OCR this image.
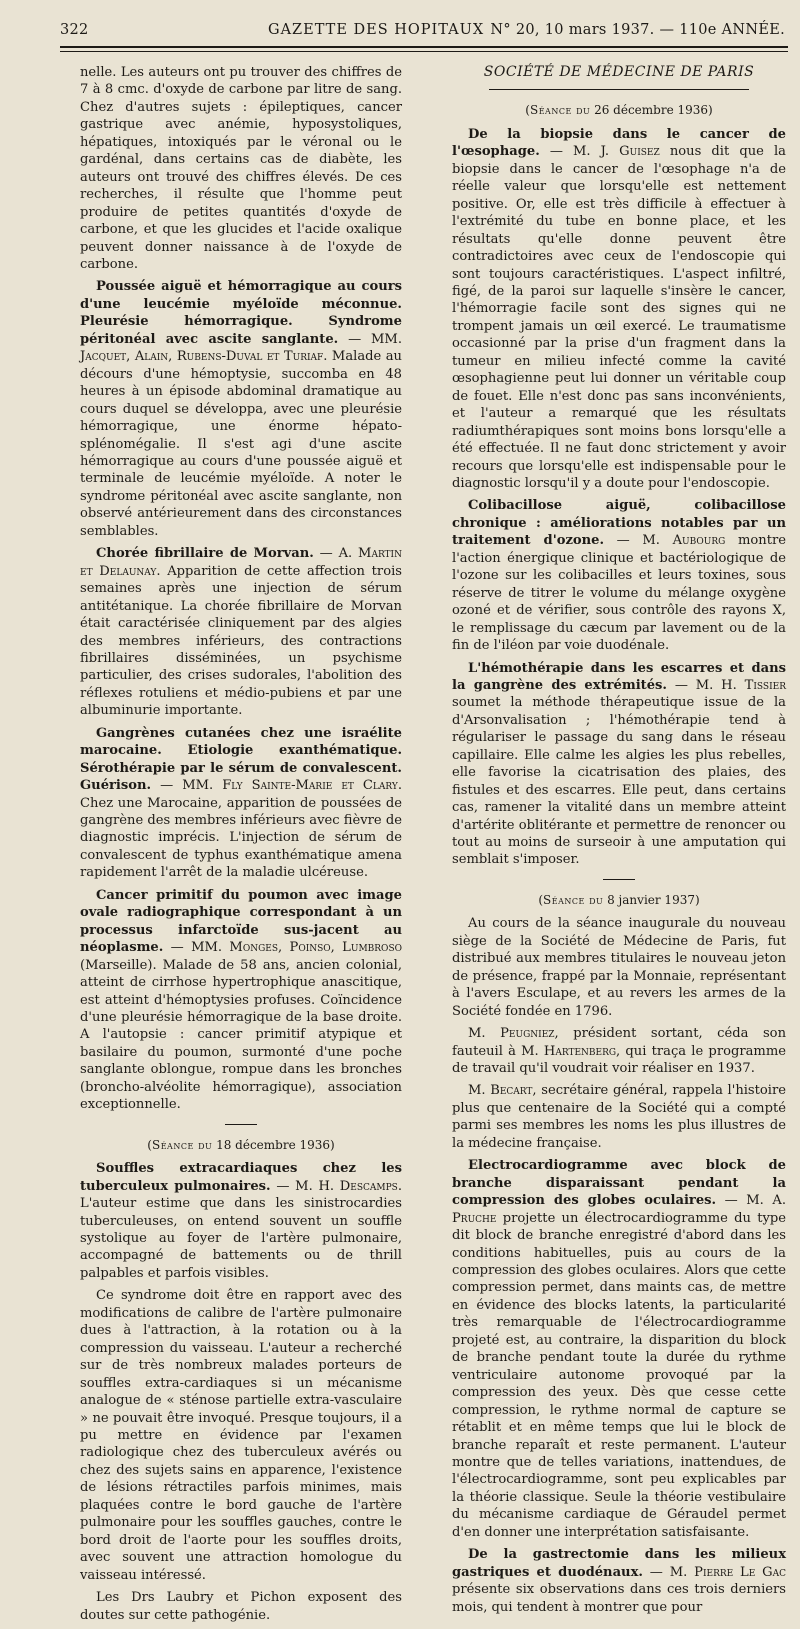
322	GAZETTE DES HOPITAUX N° 20, 10 mars 1937. — 110e ANNÉE.

nelle. Les auteurs ont pu trouver des chiffres de 7 à 8 cmc. d'oxyde de carbone par litre de sang. Chez d'autres sujets : épileptiques, cancer gastrique avec anémie, hyposystoliques, hépatiques, intoxiqués par le véronal ou le gardénal, dans certains cas de diabète, les auteurs ont trouvé des chiffres élevés. De ces recherches, il résulte que l'homme peut produire de petites quantités d'oxyde de carbone, et que les glucides et l'acide oxalique peuvent donner naissance à de l'oxyde de carbone.

Poussée aiguë et hémorragique au cours d'une leucémie myéloïde méconnue. Pleurésie hémorragique. Syndrome péritonéal avec ascite sanglante. — MM. Jacquet, Alain, Rubens-Duval et Turiaf. Malade au décours d'une hémoptysie, succomba en 48 heures à un épisode abdominal dramatique au cours duquel se développa, avec une pleurésie hémorragique, une énorme hépato-splénomégalie. Il s'est agi d'une ascite hémorragique au cours d'une poussée aiguë et terminale de leucémie myéloïde. A noter le syndrome péritonéal avec ascite sanglante, non observé antérieurement dans des circonstances semblables.

Chorée fibrillaire de Morvan. — A. Martin et Delaunay. Apparition de cette affection trois semaines après une injection de sérum antitétanique. La chorée fibrillaire de Morvan était caractérisée cliniquement par des algies des membres inférieurs, des contractions fibrillaires disséminées, un psychisme particulier, des crises sudorales, l'abolition des réflexes rotuliens et médio-pubiens et par une albuminurie importante.

Gangrènes cutanées chez une israélite marocaine. Etiologie exanthématique. Sérothérapie par le sérum de convalescent. Guérison. — MM. Fly Sainte-Marie et Clary. Chez une Marocaine, apparition de poussées de gangrène des membres inférieurs avec fièvre de diagnostic imprécis. L'injection de sérum de convalescent de typhus exanthématique amena rapidement l'arrêt de la maladie ulcéreuse.

Cancer primitif du poumon avec image ovale radiographique correspondant à un processus infarctoïde sus-jacent au néoplasme. — MM. Monges, Poinso, Lumbroso (Marseille). Malade de 58 ans, ancien colonial, atteint de cirrhose hypertrophique anascitique, est atteint d'hémoptysies profuses. Coïncidence d'une pleurésie hémorragique de la base droite. A l'autopsie : cancer primitif atypique et basilaire du poumon, surmonté d'une poche sanglante oblongue, rompue dans les bronches (broncho-alvéolite hémorragique), association exceptionnelle.

(Séance du 18 décembre 1936)

Souffles extracardiaques chez les tuberculeux pulmonaires. — M. H. Descamps. L'auteur estime que dans les sinistrocardies tuberculeuses, on entend souvent un souffle systolique au foyer de l'artère pulmonaire, accompagné de battements ou de thrill palpables et parfois visibles.

Ce syndrome doit être en rapport avec des modifications de calibre de l'artère pulmonaire dues à l'attraction, à la rotation ou à la compression du vaisseau. L'auteur a recherché sur de très nombreux malades porteurs de souffles extra-cardiaques si un mécanisme analogue de « sténose partielle extra-vasculaire » ne pouvait être invoqué. Presque toujours, il a pu mettre en évidence par l'examen radiologique chez des tuberculeux avérés ou chez des sujets sains en apparence, l'existence de lésions rétractiles parfois minimes, mais plaquées contre le bord gauche de l'artère pulmonaire pour les souffles gauches, contre le bord droit de l'aorte pour les souffles droits, avec souvent une attraction homologue du vaisseau intéressé.

Les Drs Laubry et Pichon exposent des doutes sur cette pathogénie.

SOCIÉTÉ DE MÉDECINE DE PARIS
(Séance du 26 décembre 1936)

De la biopsie dans le cancer de l'œsophage. — M. J. Guisez nous dit que la biopsie dans le cancer de l'œsophage n'a de réelle valeur que lorsqu'elle est nettement positive. Or, elle est très difficile à effectuer à l'extrémité du tube en bonne place, et les résultats qu'elle donne peuvent être contradictoires avec ceux de l'endoscopie qui sont toujours caractéristiques. L'aspect infiltré, figé, de la paroi sur laquelle s'insère le cancer, l'hémorragie facile sont des signes qui ne trompent jamais un œil exercé. Le traumatisme occasionné par la prise d'un fragment dans la tumeur en milieu infecté comme la cavité œsophagienne peut lui donner un véritable coup de fouet. Elle n'est donc pas sans inconvénients, et l'auteur a remarqué que les résultats radiumthérapiques sont moins bons lorsqu'elle a été effectuée. Il ne faut donc strictement y avoir recours que lorsqu'elle est indispensable pour le diagnostic lorsqu'il y a doute pour l'endoscopie.

Colibacillose aiguë, colibacillose chronique : améliorations notables par un traitement d'ozone. — M. Aubourg montre l'action énergique clinique et bactériologique de l'ozone sur les colibacilles et leurs toxines, sous réserve de titrer le volume du mélange oxygène ozoné et de vérifier, sous contrôle des rayons X, le remplissage du cæcum par lavement ou de la fin de l'iléon par voie duodénale.

L'hémothérapie dans les escarres et dans la gangrène des extrémités. — M. H. Tissier soumet la méthode thérapeutique issue de la d'Arsonvalisation ; l'hémothérapie tend à régulariser le passage du sang dans le réseau capillaire. Elle calme les algies les plus rebelles, elle favorise la cicatrisation des plaies, des fistules et des escarres. Elle peut, dans certains cas, ramener la vitalité dans un membre atteint d'artérite oblitérante et permettre de renoncer ou tout au moins de surseoir à une amputation qui semblait s'imposer.

(Séance du 8 janvier 1937)

Au cours de la séance inaugurale du nouveau siège de la Société de Médecine de Paris, fut distribué aux membres titulaires le nouveau jeton de présence, frappé par la Monnaie, représentant à l'avers Esculape, et au revers les armes de la Société fondée en 1796.

M. Peugniez, président sortant, céda son fauteuil à M. Hartenberg, qui traça le programme de travail qu'il voudrait voir réaliser en 1937.

M. Becart, secrétaire général, rappela l'histoire plus que centenaire de la Société qui a compté parmi ses membres les noms les plus illustres de la médecine française.

Electrocardiogramme avec block de branche disparaissant pendant la compression des globes oculaires. — M. A. Pruche projette un électrocardiogramme du type dit block de branche enregistré d'abord dans les conditions habituelles, puis au cours de la compression des globes oculaires. Alors que cette compression permet, dans maints cas, de mettre en évidence des blocks latents, la particularité très remarquable de l'électrocardiogramme projeté est, au contraire, la disparition du block de branche pendant toute la durée du rythme ventriculaire autonome provoqué par la compression des yeux. Dès que cesse cette compression, le rythme normal de capture se rétablit et en même temps que lui le block de branche reparaît et reste permanent. L'auteur montre que de telles variations, inattendues, de l'électrocardiogramme, sont peu explicables par la théorie classique. Seule la théorie vestibulaire du mécanisme cardiaque de Géraudel permet d'en donner une interprétation satisfaisante.

De la gastrectomie dans les milieux gastriques et duodénaux. — M. Pierre Le Gac présente six observations dans ces trois derniers mois, qui tendent à montrer que pour
